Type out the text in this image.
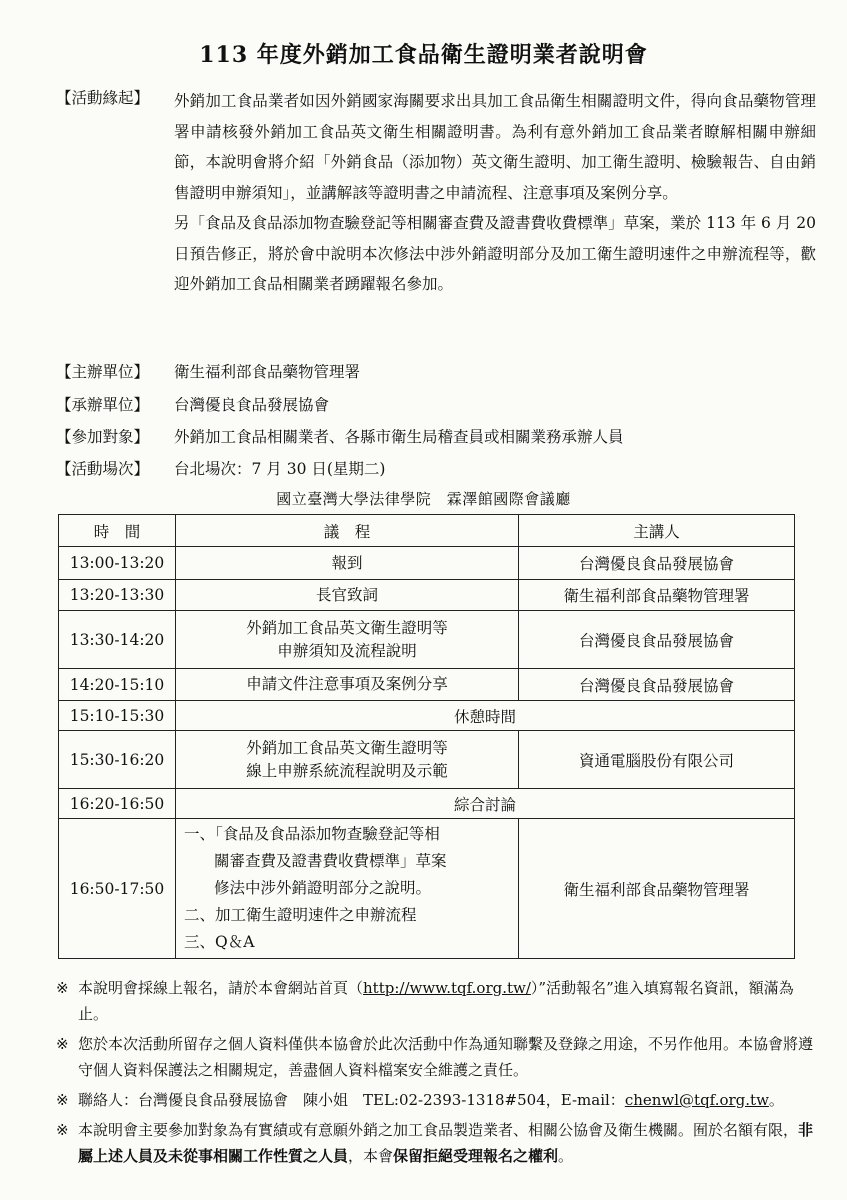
113 年度外銷加工食品衛生證明業者說明會
【活動緣起】 外銷加工食品業者如因外銷國家海關要求出具加工食品衛生相關證明文件，得向食品藥物管理署申請核發外銷加工食品英文衛生相關證明書。為利有意外銷加工食品業者瞭解相關申辦細節，本說明會將介紹「外銷食品（添加物）英文衛生證明、加工衛生證明、檢驗報告、自由銷售證明申辦須知」，並講解該等證明書之申請流程、注意事項及案例分享。

另「食品及食品添加物查驗登記等相關審查費及證書費收費標準」草案，業於 113 年 6 月 20 日預告修正，將於會中說明本次修法中涉外銷證明部分及加工衛生證明速件之申辦流程等，歡迎外銷加工食品相關業者踴躍報名參加。

【主辦單位】 衛生福利部食品藥物管理署
【承辦單位】 台灣優良食品發展協會
【參加對象】 外銷加工食品相關業者、各縣市衛生局稽查員或相關業務承辦人員
【活動場次】 台北場次：7 月 30 日(星期二)
國立臺灣大學法律學院　霖澤館國際會議廳
時　間	議　程	主講人
13:00-13:20	報到	台灣優良食品發展協會
13:20-13:30	長官致詞	衛生福利部食品藥物管理署
13:30-14:20	外銷加工食品英文衛生證明等
申辦須知及流程說明	台灣優良食品發展協會
14:20-15:10	申請文件注意事項及案例分享	台灣優良食品發展協會
15:10-15:30	休憩時間	
15:30-16:20	外銷加工食品英文衛生證明等
線上申辦系統流程說明及示範	資通電腦股份有限公司
16:20-16:50	綜合討論	
16:50-17:50	一、「食品及食品添加物查驗登記等相
關審查費及證書費收費標準」草案
修法中涉外銷證明部分之說明。
二、加工衛生證明速件之申辦流程
三、Q＆A	衛生福利部食品藥物管理署
※ 本說明會採線上報名，請於本會網站首頁（http://www.tqf.org.tw/）”活動報名”進入填寫報名資訊，額滿為止。
※ 您於本次活動所留存之個人資料僅供本協會於此次活動中作為通知聯繫及登錄之用途，不另作他用。本協會將遵守個人資料保護法之相關規定，善盡個人資料檔案安全維護之責任。
※ 聯絡人：台灣優良食品發展協會　陳小姐　TEL:02-2393-1318#504，E-mail：chenwl@tqf.org.tw。
※ 本說明會主要參加對象為有實績或有意願外銷之加工食品製造業者、相關公協會及衛生機關。囿於名額有限，非屬上述人員及未從事相關工作性質之人員，本會保留拒絕受理報名之權利。
